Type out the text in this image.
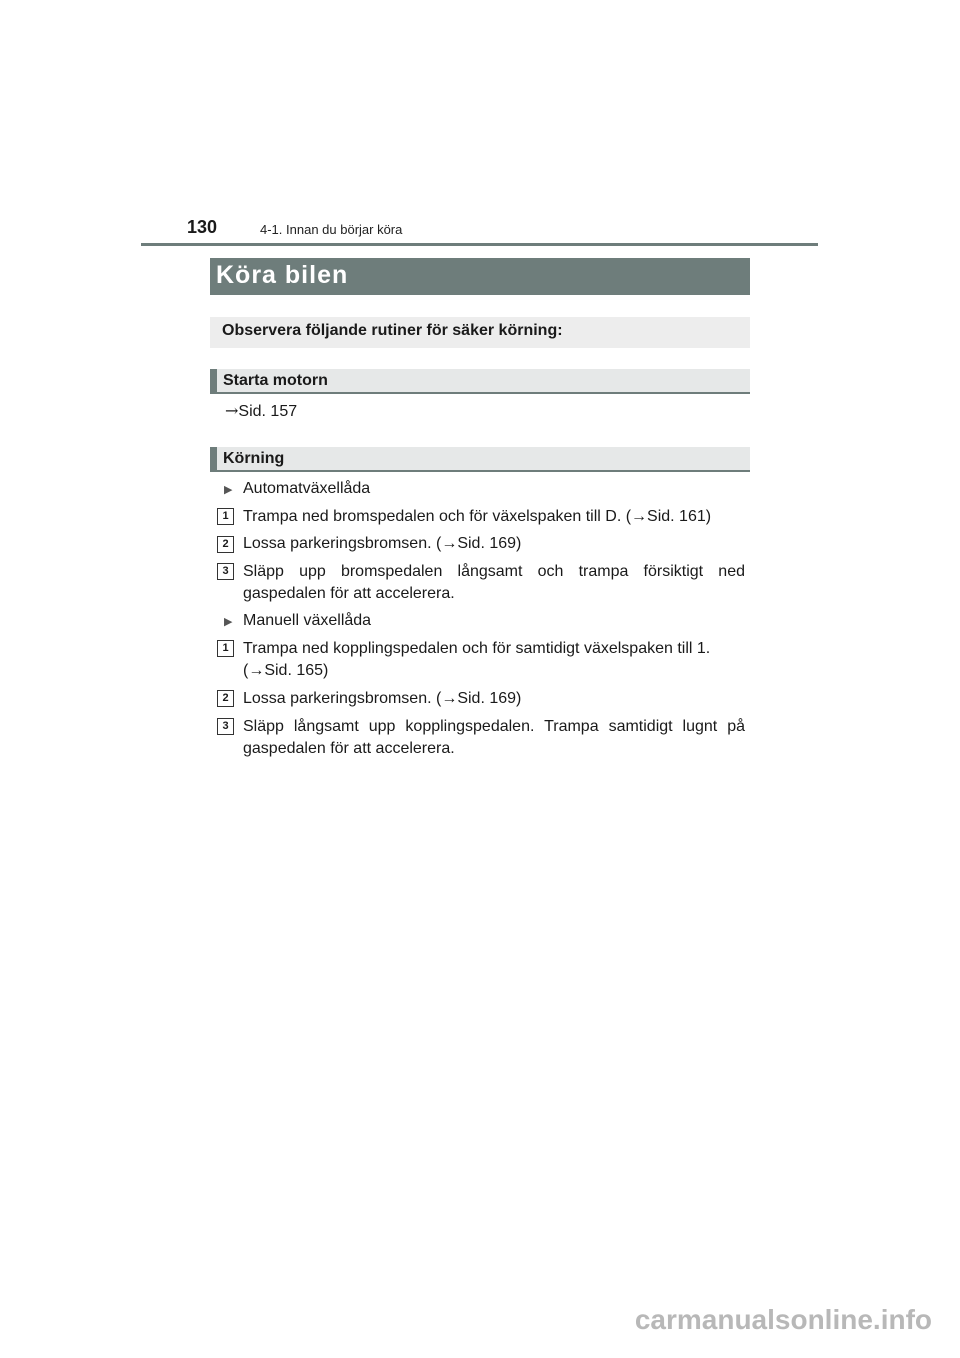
130	4-1. Innan du börjar köra
Köra bilen
Observera följande rutiner för säker körning:
Starta motorn
→Sid. 157
Körning
▶ Automatväxellåda
1 Trampa ned bromspedalen och för växelspaken till D. (→Sid. 161)
2 Lossa parkeringsbromsen. (→Sid. 169)
3 Släpp upp bromspedalen långsamt och trampa försiktigt ned gaspedalen för att accelerera.
▶ Manuell växellåda
1 Trampa ned kopplingspedalen och för samtidigt växelspaken till 1. (→Sid. 165)
2 Lossa parkeringsbromsen. (→Sid. 169)
3 Släpp långsamt upp kopplingspedalen. Trampa samtidigt lugnt på gaspedalen för att accelerera.
carmanualsonline.info
